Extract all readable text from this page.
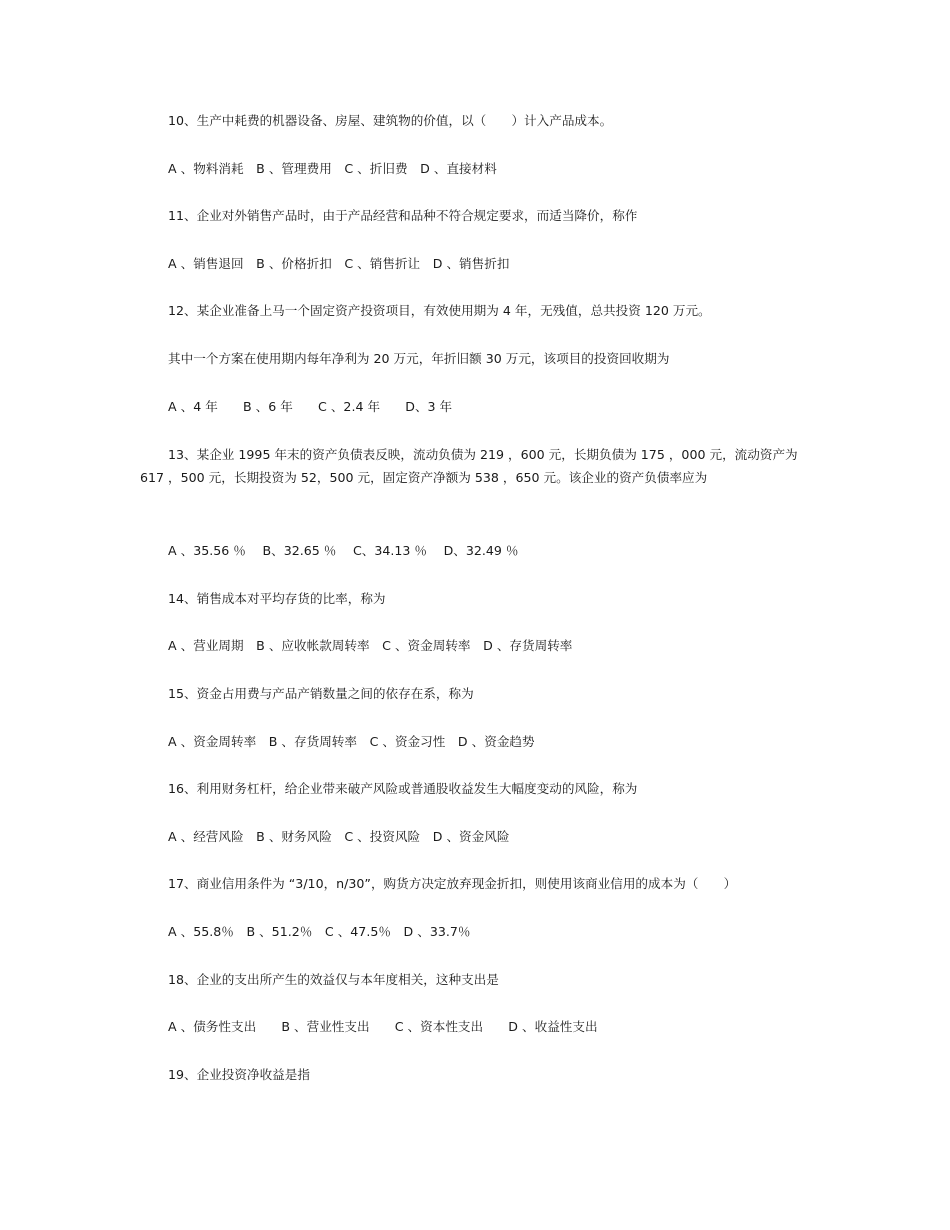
10、生产中耗费的机器设备、房屋、建筑物的价值，以（　　）计入产品成本。
A 、物料消耗　B 、管理费用　C 、折旧费　D 、直接材料
11、企业对外销售产品时，由于产品经营和品种不符合规定要求，而适当降价，称作
A 、销售退回　B 、价格折扣　C 、销售折让　D 、销售折扣
12、某企业准备上马一个固定资产投资项目，有效使用期为 4 年，无残值，总共投资 120 万元。
其中一个方案在使用期内每年净利为 20 万元，年折旧额 30 万元，该项目的投资回收期为
A 、4 年　　B 、6 年　　C 、2.4 年　　D、3 年
13、某企业 1995 年末的资产负债表反映，流动负债为 219 ，600 元，长期负债为 175 ，000 元，流动资产为 617 ，500 元，长期投资为 52，500 元，固定资产净额为 538 ，650 元。该企业的资产负债率应为
A 、35.56 ％　 B、32.65 ％　 C、34.13 ％　 D、32.49 ％
14、销售成本对平均存货的比率，称为
A 、营业周期　B 、应收帐款周转率　C 、资金周转率　D 、存货周转率
15、资金占用费与产品产销数量之间的依存在系，称为
A 、资金周转率　B 、存货周转率　C 、资金习性　D 、资金趋势
16、利用财务杠杆，给企业带来破产风险或普通股收益发生大幅度变动的风险，称为
A 、经营风险　B 、财务风险　C 、投资风险　D 、资金风险
17、商业信用条件为 “3/10，n/30”，购货方决定放弃现金折扣，则使用该商业信用的成本为（　　）
A 、55.8％　B 、51.2％　C 、47.5％　D 、33.7％
18、企业的支出所产生的效益仅与本年度相关，这种支出是
A 、债务性支出　　B 、营业性支出　　C 、资本性支出　　D 、收益性支出
19、企业投资净收益是指
